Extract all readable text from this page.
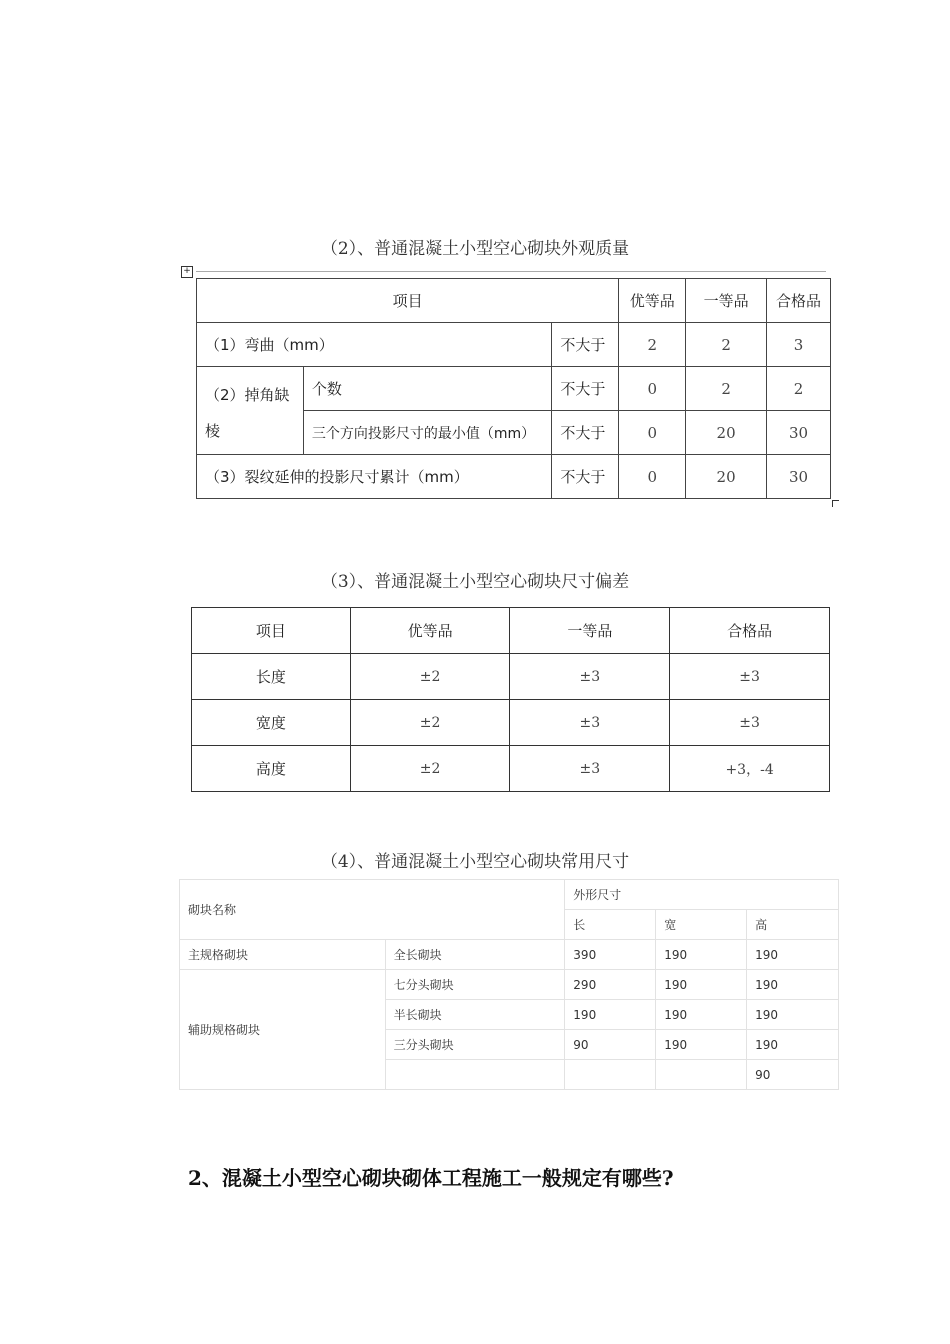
（2）、普通混凝土小型空心砌块外观质量
+
项目			优等品	一等品	合格品
（1）弯曲（mm）		不大于	2	2	3
（2）掉角缺棱	个数	不大于	0	2	2
	三个方向投影尺寸的最小值（mm）	不大于	0	20	30
（3）裂纹延伸的投影尺寸累计（mm）		不大于	0	20	30
（3）、普通混凝土小型空心砌块尺寸偏差
项目	优等品	一等品	合格品
长度	±2	±3	±3
宽度	±2	±3	±3
高度	±2	±3	+3，-4
（4）、普通混凝土小型空心砌块常用尺寸
砌块名称		外形尺寸		
		长	宽	高
主规格砌块	全长砌块	390	190	190
辅助规格砌块	七分头砌块	290	190	190
	半长砌块	190	190	190
	三分头砌块	90	190	190
				90
2、混凝土小型空心砌块砌体工程施工一般规定有哪些?
